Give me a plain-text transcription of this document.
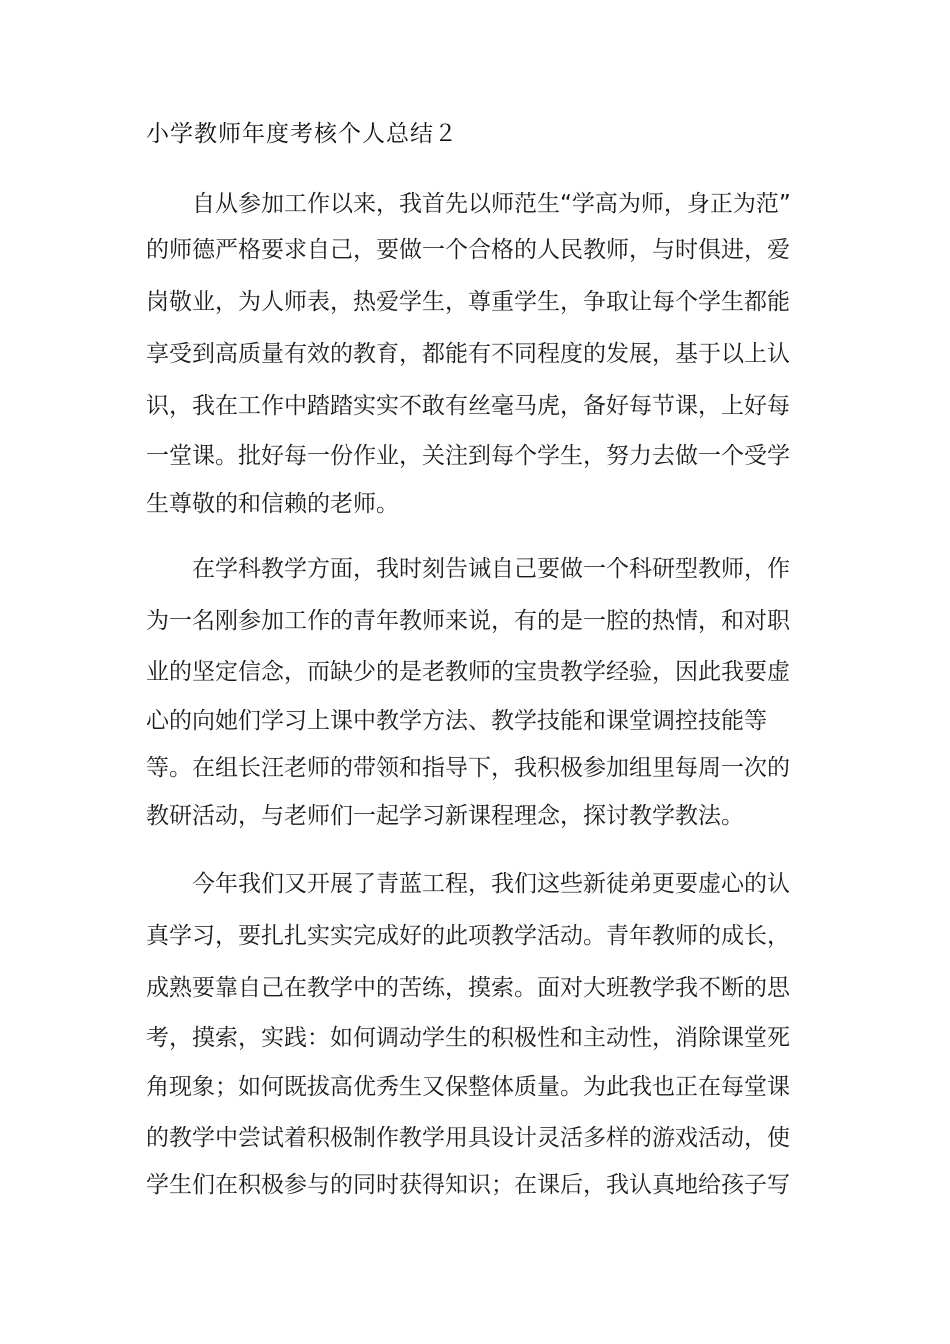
小学教师年度考核个人总结２
自从参加工作以来，我首先以师范生“学高为师，身正为范”
的师德严格要求自己，要做一个合格的人民教师，与时俱进，爱
岗敬业，为人师表，热爱学生，尊重学生，争取让每个学生都能
享受到高质量有效的教育，都能有不同程度的发展，基于以上认
识，我在工作中踏踏实实不敢有丝毫马虎，备好每节课，上好每
一堂课。批好每一份作业，关注到每个学生，努力去做一个受学
生尊敬的和信赖的老师。
在学科教学方面，我时刻告诫自己要做一个科研型教师，作
为一名刚参加工作的青年教师来说，有的是一腔的热情，和对职
业的坚定信念，而缺少的是老教师的宝贵教学经验，因此我要虚
心的向她们学习上课中教学方法、教学技能和课堂调控技能等
等。在组长汪老师的带领和指导下，我积极参加组里每周一次的
教研活动，与老师们一起学习新课程理念，探讨教学教法。
今年我们又开展了青蓝工程，我们这些新徒弟更要虚心的认
真学习，要扎扎实实完成好的此项教学活动。青年教师的成长，
成熟要靠自己在教学中的苦练，摸索。面对大班教学我不断的思
考，摸索，实践：如何调动学生的积极性和主动性，消除课堂死
角现象；如何既拔高优秀生又保整体质量。为此我也正在每堂课
的教学中尝试着积极制作教学用具设计灵活多样的游戏活动，使
学生们在积极参与的同时获得知识；在课后，我认真地给孩子写
